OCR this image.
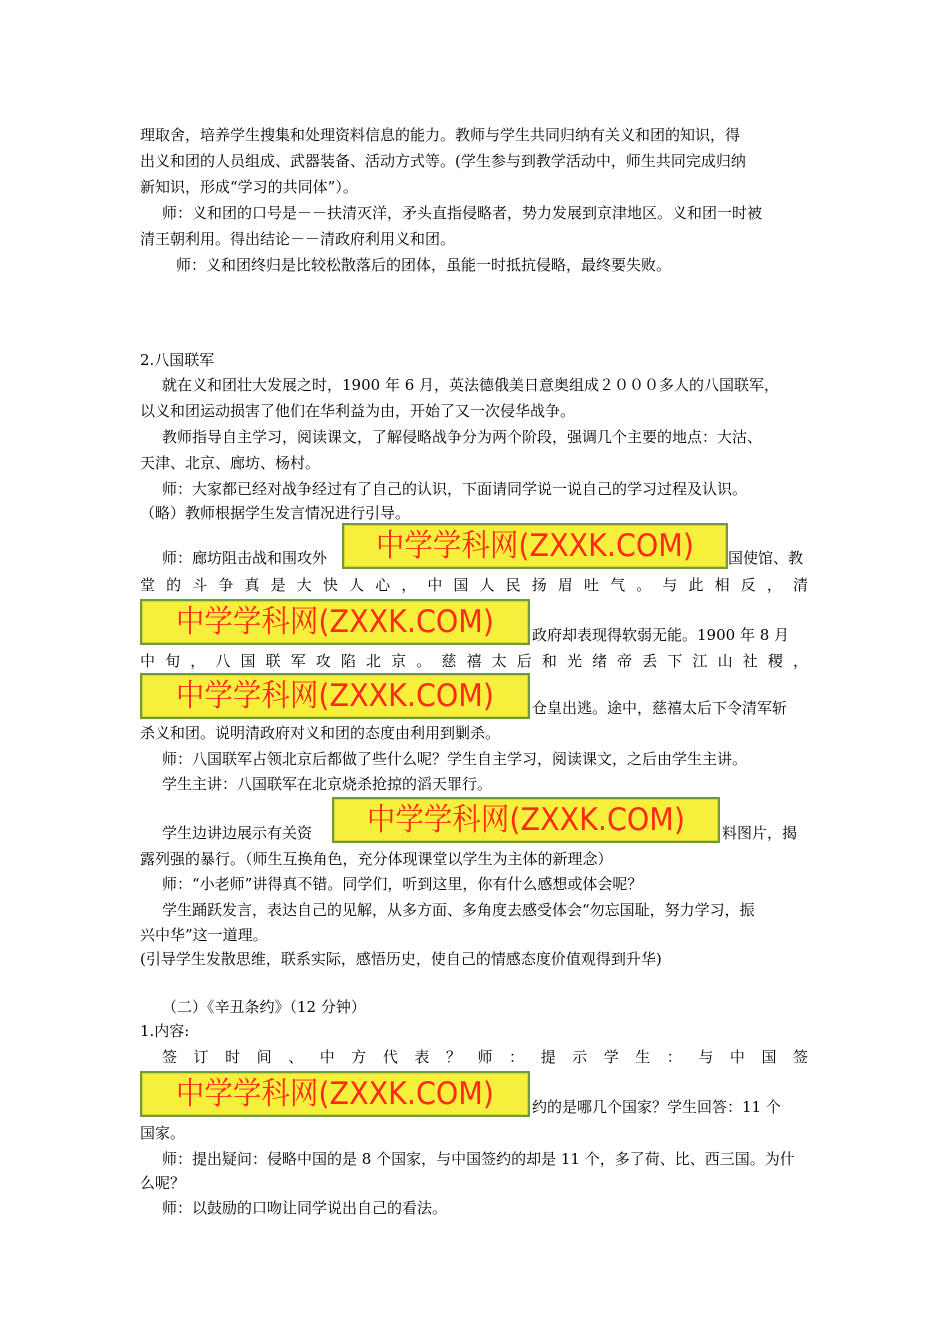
理取舍，培养学生搜集和处理资料信息的能力。教师与学生共同归纳有关义和团的知识，得
出义和团的人员组成、武器装备、活动方式等。(学生参与到教学活动中，师生共同完成归纳
新知识，形成“学习的共同体”）。
师：义和团的口号是－－扶清灭洋，矛头直指侵略者，势力发展到京津地区。义和团一时被
清王朝利用。得出结论－－清政府利用义和团。
师：义和团终归是比较松散落后的团体，虽能一时抵抗侵略，最终要失败。
2.八国联军
就在义和团壮大发展之时，1900 年 6 月，英法德俄美日意奥组成２０００多人的八国联军，
以义和团运动损害了他们在华利益为由，开始了又一次侵华战争。
教师指导自主学习，阅读课文，了解侵略战争分为两个阶段，强调几个主要的地点：大沽、
天津、北京、廊坊、杨村。
师：大家都已经对战争经过有了自己的认识，下面请同学说一说自己的学习过程及认识。
（略）教师根据学生发言情况进行引导。
师：廊坊阻击战和围攻外	中学学科网(ZXXK.COM)	国使馆、教
堂 的 斗 争 真 是 大 快 人 心 ， 中 国 人 民 扬 眉 吐 气 。 与 此 相 反 ， 清
中学学科网(ZXXK.COM)	政府却表现得软弱无能。1900 年 8 月
中 旬 ， 八 国 联 军 攻 陷 北 京 。 慈 禧 太 后 和 光 绪 帝 丢 下 江 山 社 稷 ，
中学学科网(ZXXK.COM)	仓皇出逃。途中，慈禧太后下令清军斩
杀义和团。说明清政府对义和团的态度由利用到剿杀。
师：八国联军占领北京后都做了些什么呢？学生自主学习，阅读课文，之后由学生主讲。
学生主讲：八国联军在北京烧杀抢掠的滔天罪行。
学生边讲边展示有关资	中学学科网(ZXXK.COM)	料图片，揭
露列强的暴行。（师生互换角色，充分体现课堂以学生为主体的新理念）
师：“小老师”讲得真不错。同学们，听到这里，你有什么感想或体会呢？
学生踊跃发言，表达自己的见解，从多方面、多角度去感受体会“勿忘国耻，努力学习，振
兴中华”这一道理。
(引导学生发散思维，联系实际，感悟历史，使自己的情感态度价值观得到升华)
（二）《辛丑条约》（12 分钟）
1.内容:
签 订 时 间 、 中 方 代 表 ？ 师 ： 提 示 学 生 ： 与 中 国 签
中学学科网(ZXXK.COM)	约的是哪几个国家？学生回答：11 个
国家。
师：提出疑问：侵略中国的是 8 个国家，与中国签约的却是 11 个，多了荷、比、西三国。为什
么呢？
师：以鼓励的口吻让同学说出自己的看法。
